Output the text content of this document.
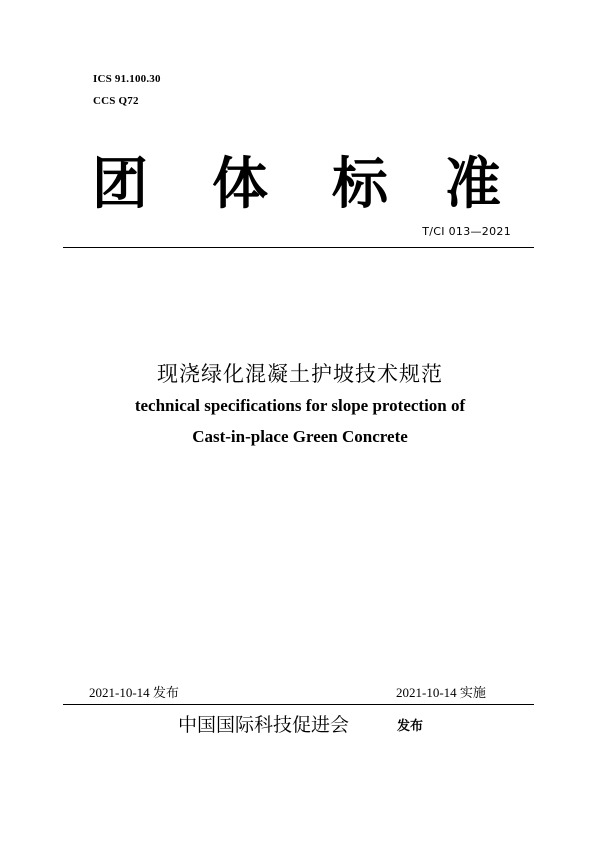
ICS 91.100.30
CCS Q72
团 体 标 准
T/CI 013—2021
现浇绿化混凝土护坡技术规范
technical specifications for slope protection of
Cast-in-place Green Concrete
2021-10-14 发布	2021-10-14 实施
中国国际科技促进会	发布
